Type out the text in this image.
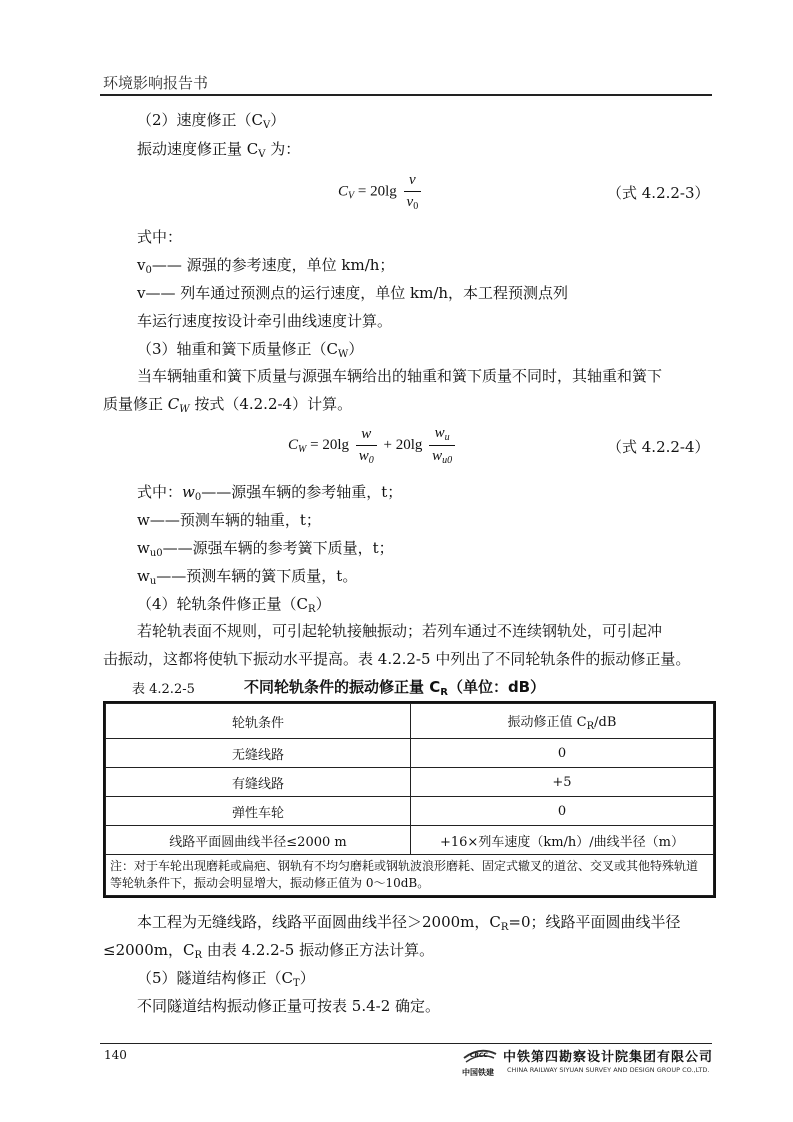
环境影响报告书
（2）速度修正$(C_V)$
振动速度修正量 $C_V$ 为：
$C_V = 20\lg \frac{v}{v_0}$	（式 4.2.2-3）
式中：
$v_0——$ 源强的参考速度，单位 km/h；
v—— 列车通过预测点的运行速度，单位 km/h，本工程预测点列
车运行速度按设计牵引曲线速度计算。
（3）轴重和簧下质量修正$(C_W)$
当车辆轴重和簧下质量与源强车辆给出的轴重和簧下质量不同时，其轴重和簧下
质量修正 $C_W$ 按式（4.2.2-4）计算。
$C_W = 20\lg \frac{w}{w_0} + 20\lg \frac{w_u}{w_{u0}}$	（式 4.2.2-4）
式中：$w_0——$源强车辆的参考轴重，t；
w——预测车辆的轴重，t；
$w_{u0}——$源强车辆的参考簧下质量，t；
$w_u——$预测车辆的簧下质量，t。
（4）轮轨条件修正量$(C_R)$
若轮轨表面不规则，可引起轮轨接触振动；若列车通过不连续钢轨处，可引起冲
击振动，这都将使轨下振动水平提高。表 4.2.2-5 中列出了不同轮轨条件的振动修正量。
表 4.2.2-5	不同轮轨条件的振动修正量 $C_R$（单位：dB）
轮轨条件	振动修正值 $C_R/dB$
无缝线路	0
有缝线路	+5
弹性车轮	0
线路平面圆曲线半径≤2000 m	+16×列车速度（km/h）/曲线半径（m）
注：对于车轮出现磨耗或扁疤、钢轨有不均匀磨耗或钢轨波浪形磨耗、固定式辙叉的道岔、交叉或其他特殊轨道等轮轨条件下，振动会明显增大，振动修正值为 0～10dB。	
本工程为无缝线路，线路平面圆曲线半径＞2000m，$C_R=0$；线路平面圆曲线半径
≤2000m，$C_R$ 由表 4.2.2-5 振动修正方法计算。
（5）隧道结构修正$(C_T)$
不同隧道结构振动修正量可按表 5.4-2 确定。
140	CRCC
中国铁建
中铁第四勘察设计院集团有限公司
CHINA RAILWAY SIYUAN SURVEY AND DESIGN GROUP CO.,LTD.
